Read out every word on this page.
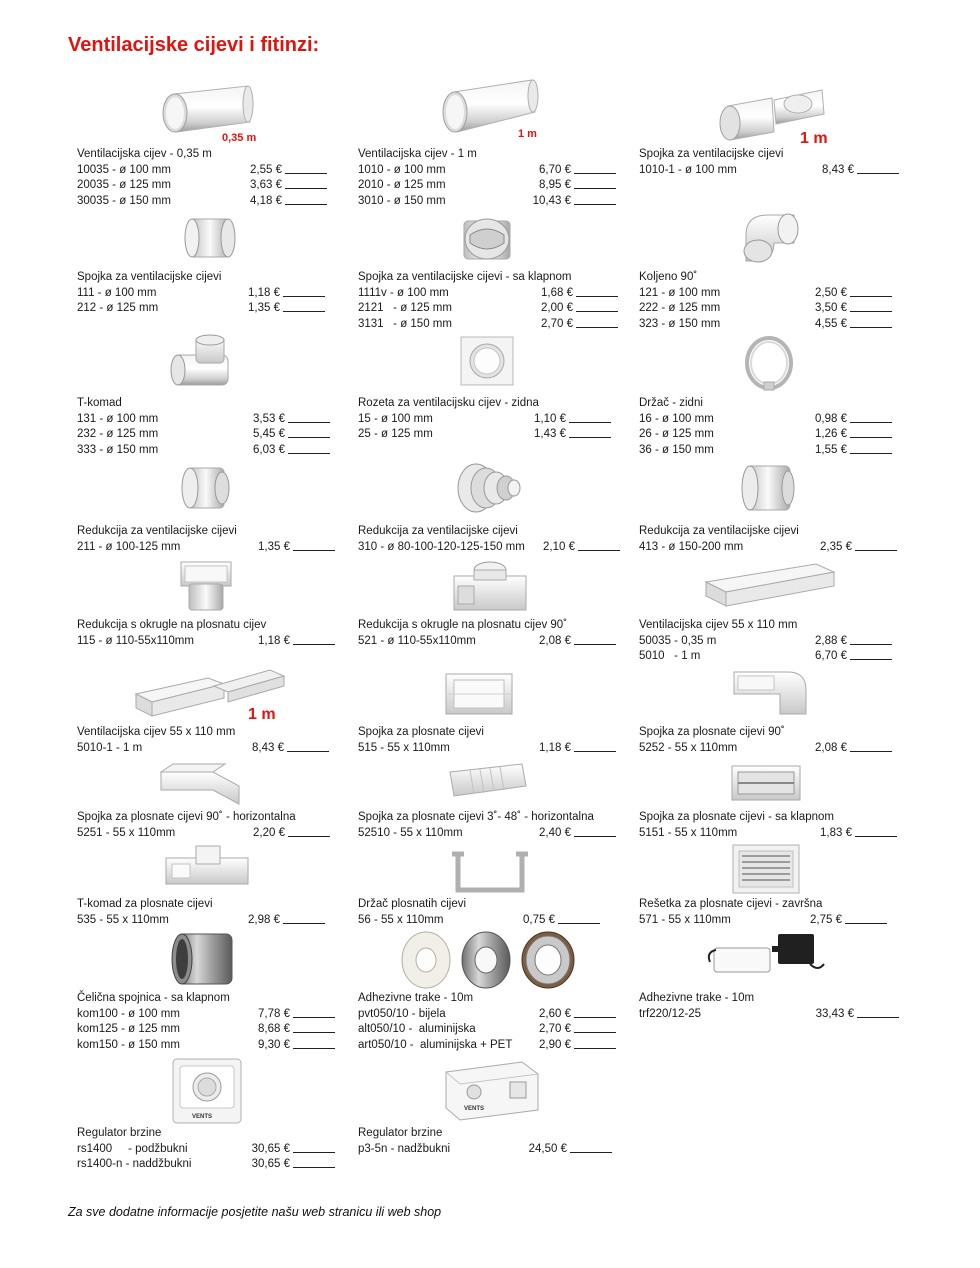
Ventilacijske cijevi i fitinzi:
Ventilacijska cijev - 0,35 m
10035 - ø 100 mm	2,55 €
20035 - ø 125 mm	3,63 €
30035 - ø 150 mm	4,18 €
Ventilacijska cijev - 1 m
1010 - ø 100 mm	6,70 €
2010 - ø 125 mm	8,95 €
3010 - ø 150 mm	10,43 €
Spojka za ventilacijske cijevi
1010-1 - ø 100 mm	8,43 €
Spojka za ventilacijske cijevi
111 - ø 100 mm	1,18 €
212 - ø 125 mm	1,35 €
Spojka za ventilacijske cijevi - sa klapnom
1111v - ø 100 mm	1,68 €
2121   - ø 125 mm	2,00 €
3131   - ø 150 mm	2,70 €
Koljeno 90˚
121 - ø 100 mm	2,50 €
222 - ø 125 mm	3,50 €
323 - ø 150 mm	4,55 €
T-komad
131 - ø 100 mm	3,53 €
232 - ø 125 mm	5,45 €
333 - ø 150 mm	6,03 €
Rozeta za ventilacijsku cijev - zidna
15 - ø 100 mm	1,10 €
25 - ø 125 mm	1,43 €
Držač - zidni
16 - ø 100 mm	0,98 €
26 - ø 125 mm	1,26 €
36 - ø 150 mm	1,55 €
Redukcija za ventilacijske cijevi
211 - ø 100-125 mm	1,35 €
Redukcija za ventilacijske cijevi
310 - ø 80-100-120-125-150 mm 2,10 €
Redukcija za ventilacijske cijevi
413 - ø 150-200 mm	2,35 €
Redukcija s okrugle na plosnatu cijev
115 - ø 110-55x110mm	1,18 €
Redukcija s okrugle na plosnatu cijev 90˚
521 - ø 110-55x110mm	2,08 €
Ventilacijska cijev 55 x 110 mm
50035 - 0,35 m	2,88 €
5010   - 1 m	6,70 €
Ventilacijska cijev 55 x 110 mm
5010-1 - 1 m	8,43 €
Spojka za plosnate cijevi
515 - 55 x 110mm	1,18 €
Spojka za plosnate cijevi 90˚
5252 - 55 x 110mm	2,08 €
Spojka za plosnate cijevi 90˚ - horizontalna
5251 - 55 x 110mm	2,20 €
Spojka za plosnate cijevi 3˚- 48˚ - horizontalna
52510 - 55 x 110mm	2,40 €
Spojka za plosnate cijevi - sa klapnom
5151 - 55 x 110mm	1,83 €
T-komad za plosnate cijevi
535 - 55 x 110mm	2,98 €
Držač plosnatih cijevi
56 - 55 x 110mm	0,75 €
Rešetka za plosnate cijevi - završna
571 - 55 x 110mm	2,75 €
Čelična spojnica - sa klapnom
kom100 - ø 100 mm	7,78 €
kom125 - ø 125 mm	8,68 €
kom150 - ø 150 mm	9,30 €
Adhezivne trake - 10m
pvt050/10 - bijela	2,60 €
alt050/10 -  aluminijska	2,70 €
art050/10 -  aluminijska + PET 2,90 €
Adhezivne trake - 10m
trf220/12-25	33,43 €
Regulator brzine
rs1400     - podžbukni	30,65 €
rs1400-n - naddžbukni	30,65 €
Regulator brzine
p3-5n - nadžbukni	24,50 €
0,35 m	1 m	1 m
1 m
VENTS
VENTS
Za sve dodatne informacije posjetite našu web stranicu ili web shop
